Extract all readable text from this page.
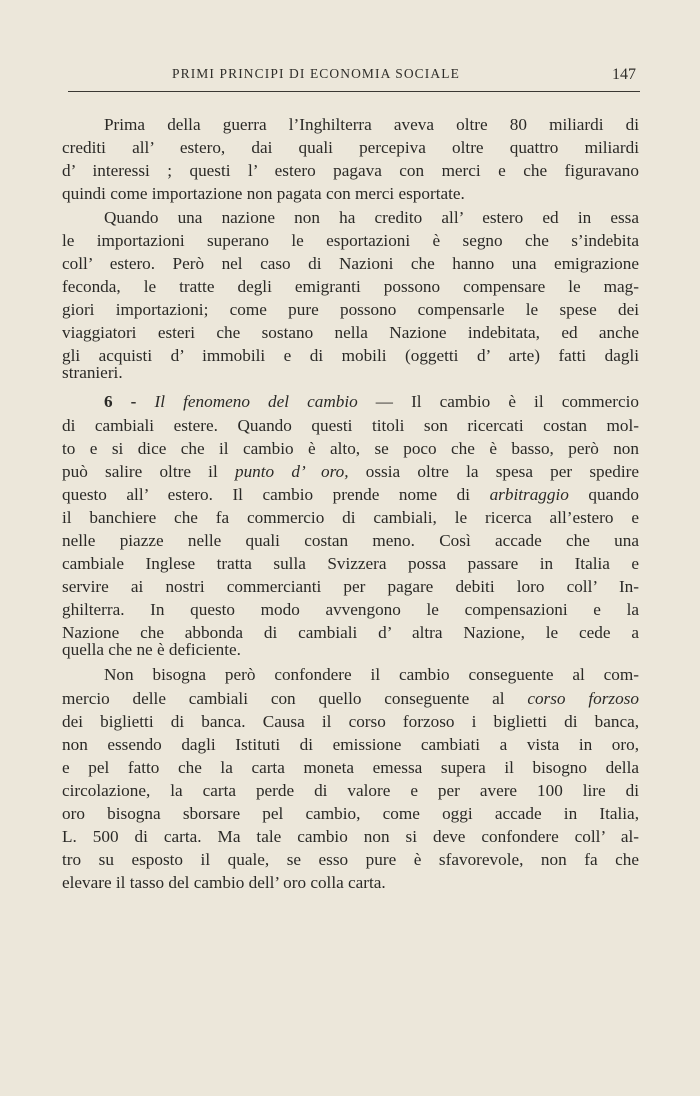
PRIMI PRINCIPI DI ECONOMIA SOCIALE	147
Prima della guerra l’Inghilterra aveva oltre 80 miliardi di
crediti all’ estero, dai quali percepiva oltre quattro miliardi
d’ interessi ; questi l’ estero pagava con merci e che figuravano
quindi come importazione non pagata con merci esportate.
Quando una nazione non ha credito all’ estero ed in essa
le importazioni superano le esportazioni è segno che s’indebita
coll’ estero. Però nel caso di Nazioni che hanno una emigrazione
feconda, le tratte degli emigranti possono compensare le mag-
giori importazioni; come pure possono compensarle le spese dei
viaggiatori esteri che sostano nella Nazione indebitata, ed anche
gli acquisti d’ immobili e di mobili (oggetti d’ arte) fatti dagli
stranieri.
6 - Il fenomeno del cambio — Il cambio è il commercio
di cambiali estere. Quando questi titoli son ricercati costan mol-
to e si dice che il cambio è alto, se poco che è basso, però non
può salire oltre il punto d’ oro, ossia oltre la spesa per spedire
questo all’ estero. Il cambio prende nome di arbitraggio quando
il banchiere che fa commercio di cambiali, le ricerca all’estero e
nelle piazze nelle quali costan meno. Così accade che una
cambiale Inglese tratta sulla Svizzera possa passare in Italia e
servire ai nostri commercianti per pagare debiti loro coll’ In-
ghilterra. In questo modo avvengono le compensazioni e la
Nazione che abbonda di cambiali d’ altra Nazione, le cede a
quella che ne è deficiente.
Non bisogna però confondere il cambio conseguente al com-
mercio delle cambiali con quello conseguente al corso forzoso
dei biglietti di banca. Causa il corso forzoso i biglietti di banca,
non essendo dagli Istituti di emissione cambiati a vista in oro,
e pel fatto che la carta moneta emessa supera il bisogno della
circolazione, la carta perde di valore e per avere 100 lire di
oro bisogna sborsare pel cambio, come oggi accade in Italia,
L. 500 di carta. Ma tale cambio non si deve confondere coll’ al-
tro su esposto il quale, se esso pure è sfavorevole, non fa che
elevare il tasso del cambio dell’ oro colla carta.
